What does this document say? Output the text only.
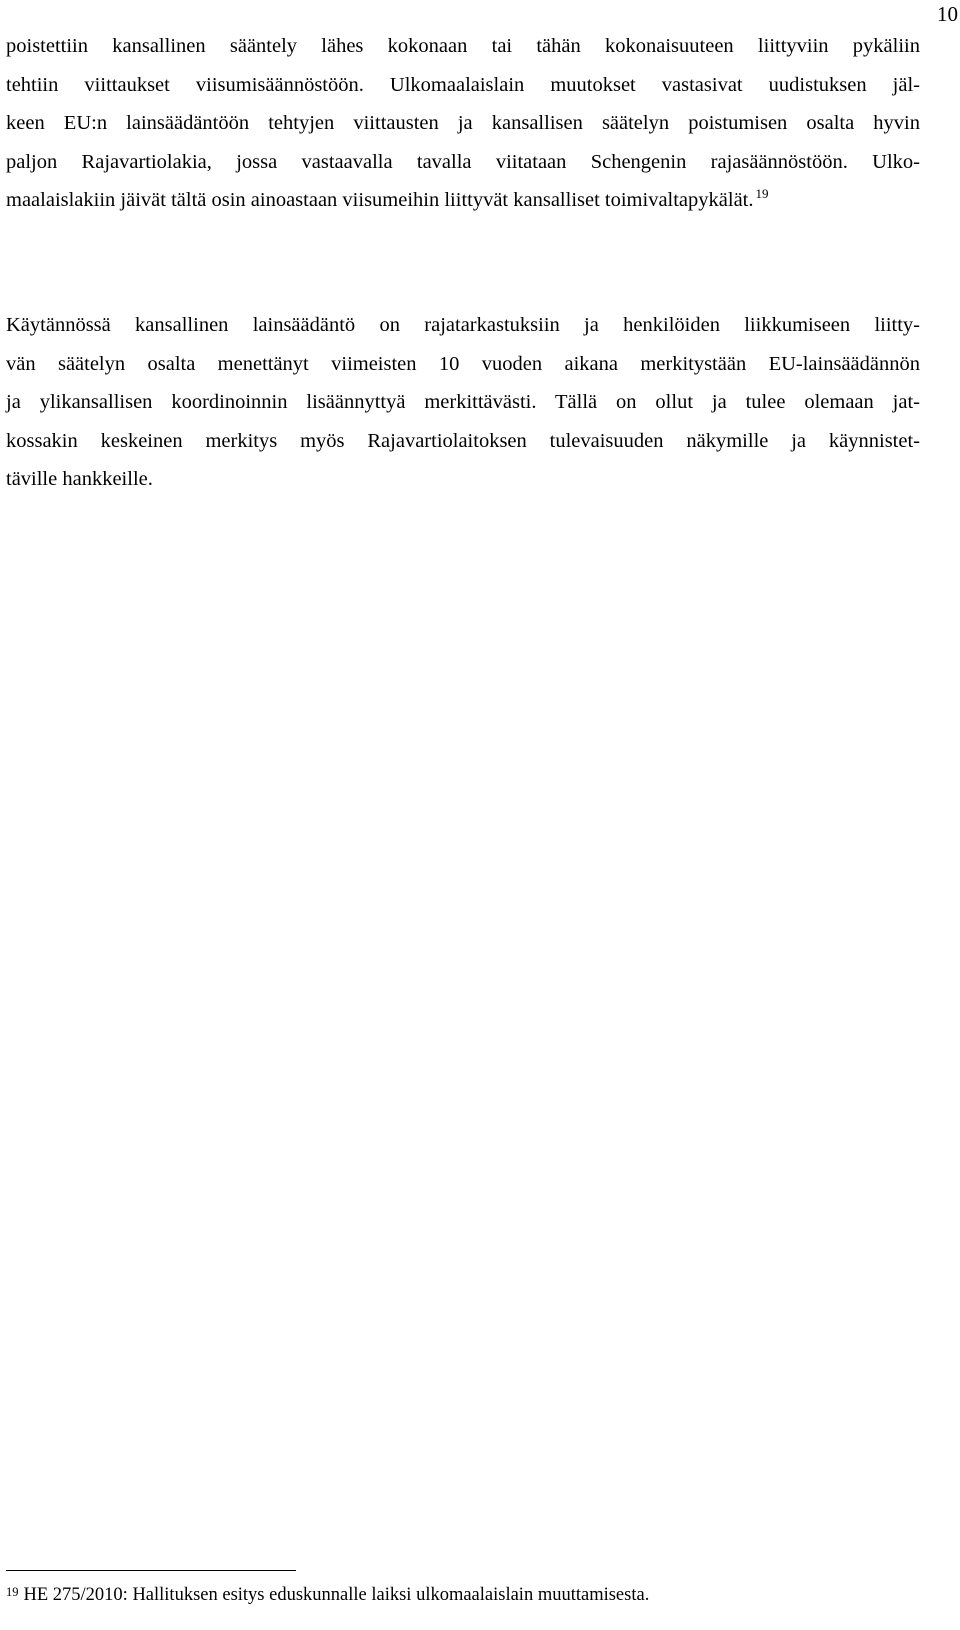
10
poistettiin kansallinen sääntely lähes kokonaan tai tähän kokonaisuuteen liittyviin pykäliin
tehtiin viittaukset viisumisäännöstöön. Ulkomaalaislain muutokset vastasivat uudistuksen jäl-
keen EU:n lainsäädäntöön tehtyjen viittausten ja kansallisen säätelyn poistumisen osalta hyvin
paljon Rajavartiolakia, jossa vastaavalla tavalla viitataan Schengenin rajasäännöstöön. Ulko-
maalaislakiin jäivät tältä osin ainoastaan viisumeihin liittyvät kansalliset toimivaltapykälät. $^{19}$
Käytännössä kansallinen lainsäädäntö on rajatarkastuksiin ja henkilöiden liikkumiseen liitty-
vän säätelyn osalta menettänyt viimeisten 10 vuoden aikana merkitystään EU-lainsäädännön
ja ylikansallisen koordinoinnin lisäännyttyä merkittävästi. Tällä on ollut ja tulee olemaan jat-
kossakin keskeinen merkitys myös Rajavartiolaitoksen tulevaisuuden näkymille ja käynnistet-
täville hankkeille.
$^{19}$ HE 275/2010: Hallituksen esitys eduskunnalle laiksi ulkomaalaislain muuttamisesta.
